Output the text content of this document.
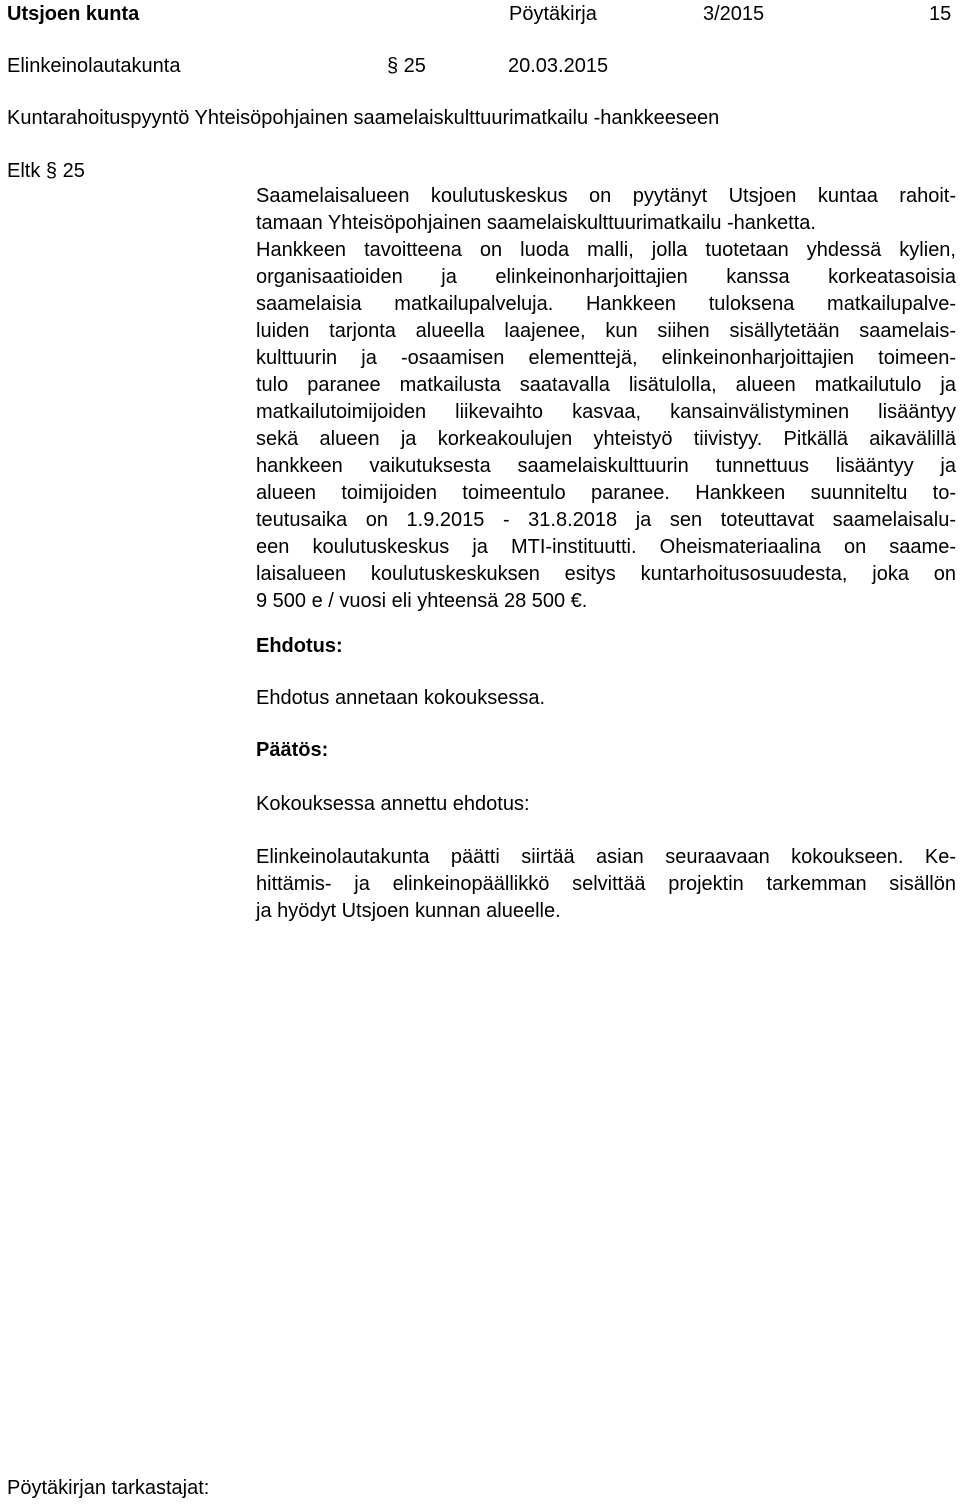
Utsjoen kunta	Pöytäkirja	3/2015	15
Elinkeinolautakunta	§ 25	20.03.2015
Kuntarahoituspyyntö Yhteisöpohjainen saamelaiskulttuurimatkailu -hankkeeseen
Eltk § 25
Saamelaisalueen koulutuskeskus on pyytänyt Utsjoen kuntaa rahoit-
tamaan Yhteisöpohjainen saamelaiskulttuurimatkailu -hanketta.
Hankkeen tavoitteena on luoda malli, jolla tuotetaan yhdessä kylien,
organisaatioiden ja elinkeinonharjoittajien kanssa korkeatasoisia
saamelaisia matkailupalveluja. Hankkeen tuloksena matkailupalve-
luiden tarjonta alueella laajenee, kun siihen sisällytetään saamelais-
kulttuurin ja -osaamisen elementtejä, elinkeinonharjoittajien toimeen-
tulo paranee matkailusta saatavalla lisätulolla, alueen matkailutulo ja
matkailutoimijoiden liikevaihto kasvaa, kansainvälistyminen lisääntyy
sekä alueen ja korkeakoulujen yhteistyö tiivistyy. Pitkällä aikavälillä
hankkeen vaikutuksesta saamelaiskulttuurin tunnettuus lisääntyy ja
alueen toimijoiden toimeentulo paranee. Hankkeen suunniteltu to-
teutusaika on 1.9.2015 - 31.8.2018 ja sen toteuttavat saamelaisalu-
een koulutuskeskus ja MTI-instituutti. Oheismateriaalina on saame-
laisalueen koulutuskeskuksen esitys kuntarhoitusosuudesta, joka on
9 500 e / vuosi eli yhteensä 28 500 €.
Ehdotus:
Ehdotus annetaan kokouksessa.
Päätös:
Kokouksessa annettu ehdotus:
Elinkeinolautakunta päätti siirtää asian seuraavaan kokoukseen. Ke-
hittämis- ja elinkeinopäällikkö selvittää projektin tarkemman sisällön
ja hyödyt Utsjoen kunnan alueelle.
Pöytäkirjan tarkastajat:
